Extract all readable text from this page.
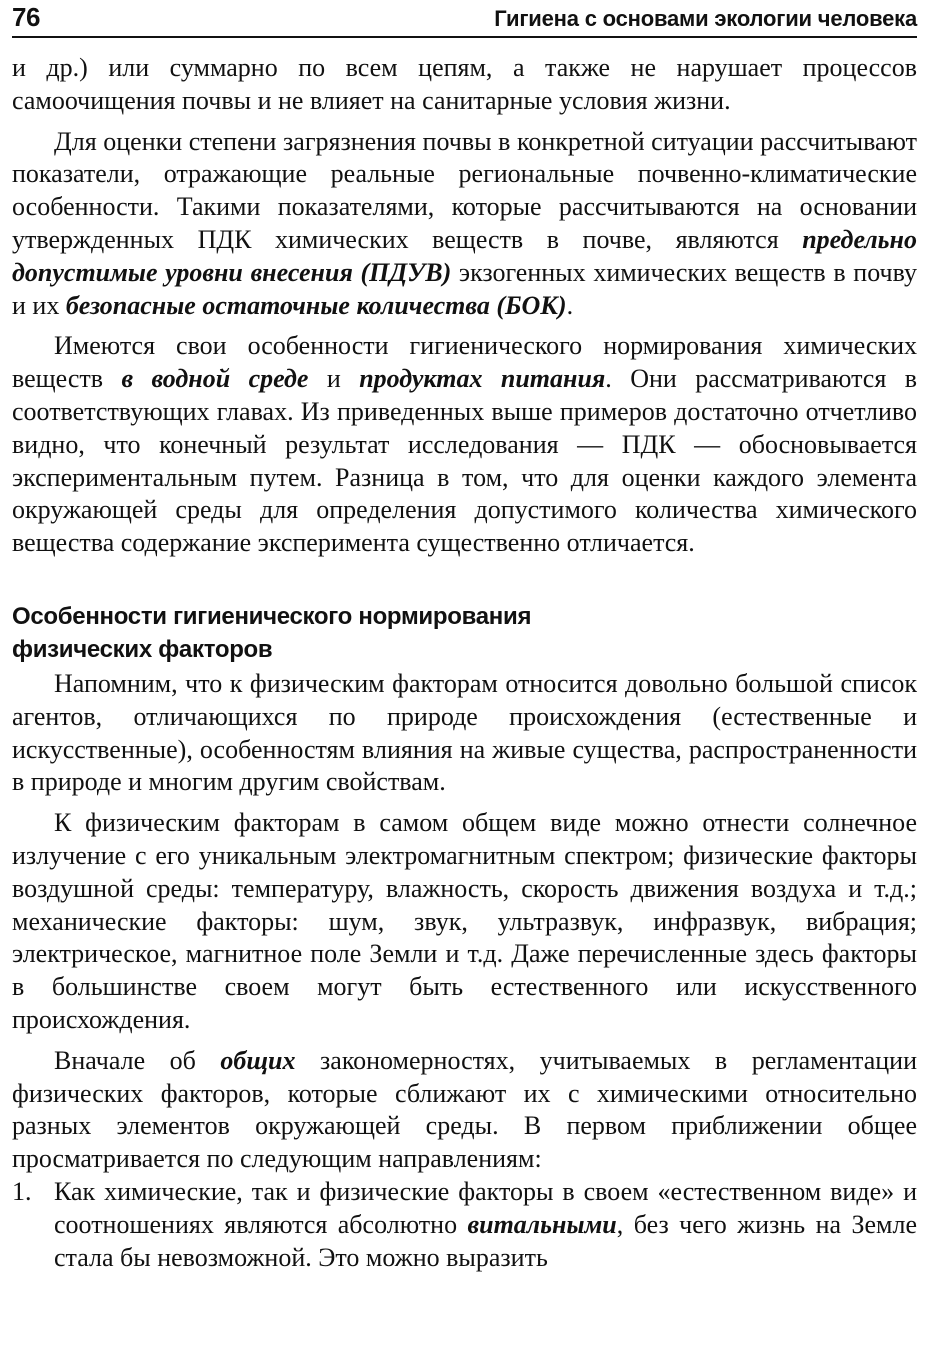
76	Гигиена с основами экологии человека

и др.) или суммарно по всем цепям, а также не нарушает процессов самоочищения почвы и не влияет на санитарные условия жизни.

Для оценки степени загрязнения почвы в конкретной ситуации рассчитывают показатели, отражающие реальные региональные почвенно-климатические особенности. Такими показателями, которые рассчитываются на основании утвержденных ПДК химических веществ в почве, являются предельно допустимые уровни внесения (ПДУВ) экзогенных химических веществ в почву и их безопасные остаточные количества (БОК).

Имеются свои особенности гигиенического нормирования химических веществ в водной среде и продуктах питания. Они рассматриваются в соответствующих главах. Из приведенных выше примеров достаточно отчетливо видно, что конечный результат исследования — ПДК — обосновывается экспериментальным путем. Разница в том, что для оценки каждого элемента окружающей среды для определения допустимого количества химического вещества содержание эксперимента существенно отличается.

Особенности гигиенического нормирования
физических факторов

Напомним, что к физическим факторам относится довольно большой список агентов, отличающихся по природе происхождения (естественные и искусственные), особенностям влияния на живые существа, распространенности в природе и многим другим свойствам.

К физическим факторам в самом общем виде можно отнести солнечное излучение с его уникальным электромагнитным спектром; физические факторы воздушной среды: температуру, влажность, скорость движения воздуха и т.д.; механические факторы: шум, звук, ультразвук, инфразвук, вибрация; электрическое, магнитное поле Земли и т.д. Даже перечисленные здесь факторы в большинстве своем могут быть естественного или искусственного происхождения.

Вначале об общих закономерностях, учитываемых в регламентации физических факторов, которые сближают их с химическими относительно разных элементов окружающей среды. В первом приближении общее просматривается по следующим направлениям:

1. Как химические, так и физические факторы в своем «естественном виде» и соотношениях являются абсолютно витальными, без чего жизнь на Земле стала бы невозможной. Это можно выразить
